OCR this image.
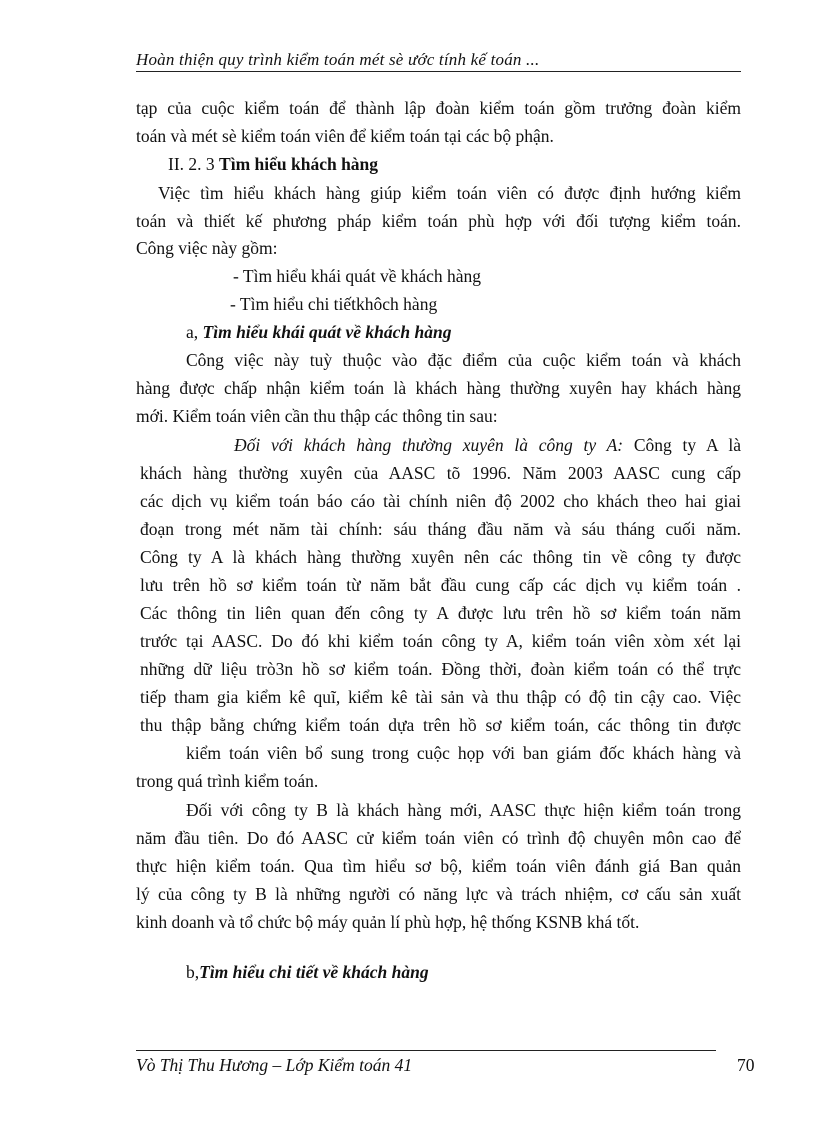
Hoàn thiện quy trình kiểm toán mét sè ước tính kế toán ...
tạp của cuộc kiểm toán để thành lập đoàn kiểm toán gồm trưởng đoàn kiểm
toán và mét sè kiểm toán viên để kiểm toán tại các bộ phận.
II. 2. 3 Tìm hiểu khách hàng
Việc tìm hiểu khách hàng giúp kiểm toán viên có được định hướng kiểm
toán và thiết kế phương pháp kiểm toán phù hợp với đối tượng kiểm toán.
Công việc này gồm:
- Tìm hiểu khái quát về khách hàng
- Tìm hiểu chi tiếtkhôch hàng
a, Tìm hiểu khái quát về khách hàng
Công việc này tuỳ thuộc vào đặc điểm của cuộc kiểm toán và khách
hàng được chấp nhận kiểm toán là khách hàng thường xuyên hay khách hàng
mới. Kiểm toán viên cần thu thập các thông tin sau:
Đối với khách hàng thường xuyên là công ty A: Công ty A là
khách hàng thường xuyên của AASC tõ 1996. Năm 2003 AASC cung cấp
các dịch vụ kiểm toán báo cáo tài chính niên độ 2002 cho khách theo hai giai
đoạn trong mét năm tài chính: sáu tháng đầu năm và sáu tháng cuối năm.
Công ty A là khách hàng thường xuyên nên các thông tin về công ty được
lưu trên hồ sơ kiểm toán từ năm bắt đầu cung cấp các dịch vụ kiểm toán .
Các thông tin liên quan đến công ty A được lưu trên hồ sơ kiểm toán năm
trước tại AASC. Do đó khi kiểm toán công ty A, kiểm toán viên xòm xét lại
những dữ liệu trò3n hồ sơ kiểm toán. Đồng thời, đoàn kiểm toán có thể trực
tiếp tham gia kiểm kê quĩ, kiểm kê tài sản và thu thập có độ tin cậy cao. Việc
thu thập bằng chứng kiểm toán dựa trên hồ sơ kiểm toán, các thông tin được
kiểm toán viên bổ sung trong cuộc họp với ban giám đốc khách hàng và
trong quá trình kiểm toán.
Đối với công ty B là khách hàng mới, AASC thực hiện kiểm toán trong
năm đầu tiên. Do đó AASC cử kiểm toán viên có trình độ chuyên môn cao để
thực hiện kiểm toán. Qua tìm hiểu sơ bộ, kiểm toán viên đánh giá Ban quản
lý của công ty B là những người có năng lực và trách nhiệm, cơ cấu sản xuất
kinh doanh và tổ chức bộ máy quản lí phù hợp, hệ thống KSNB khá tốt.
b,Tìm hiểu chi tiết về khách hàng
Vò Thị Thu Hương – Lớp Kiểm toán 41	70
